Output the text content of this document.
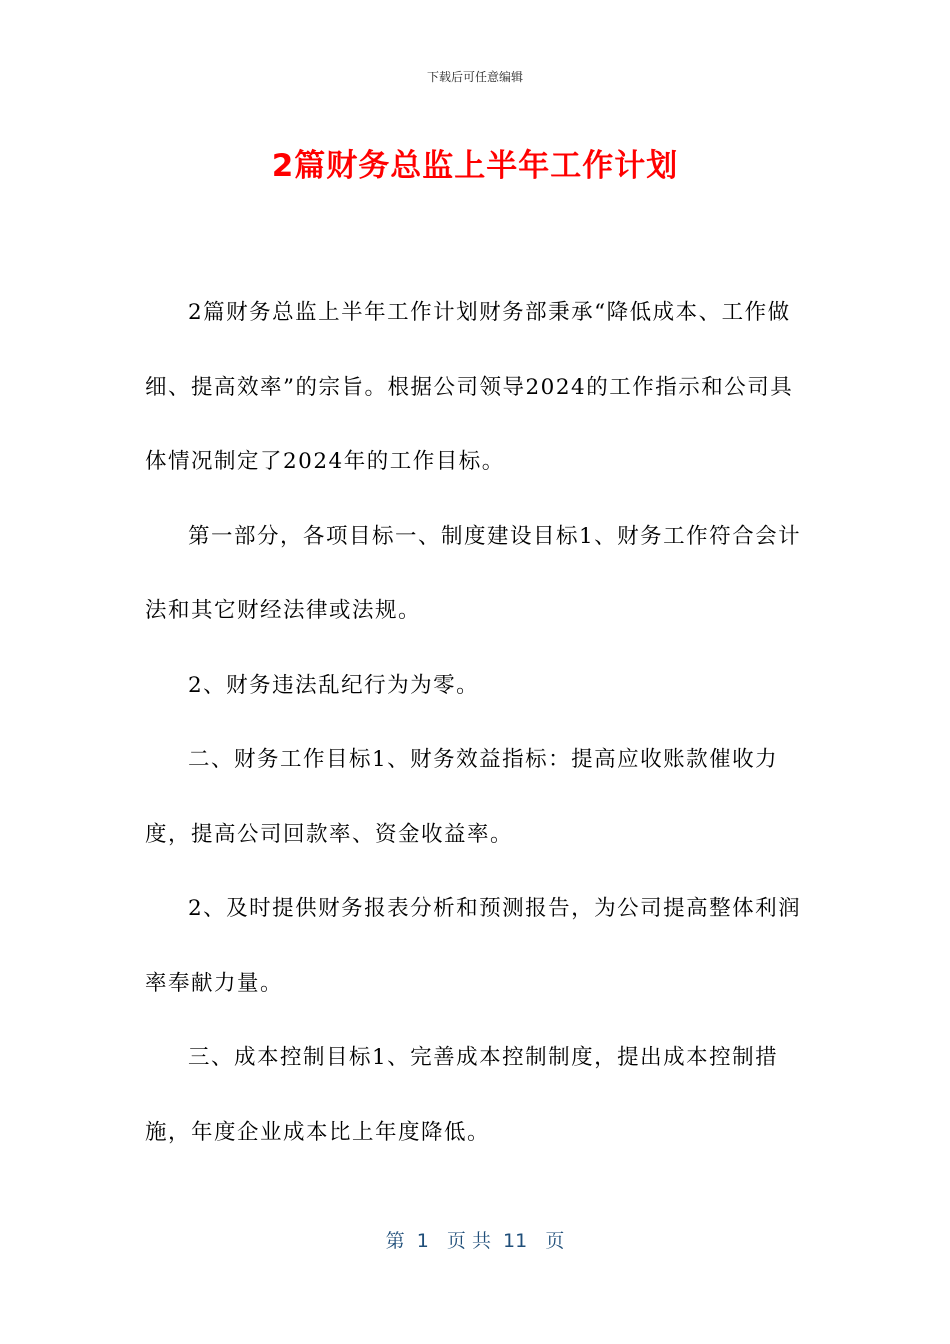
下载后可任意编辑
2篇财务总监上半年工作计划

2篇财务总监上半年工作计划财务部秉承“降低成本、工作做细、提高效率”的宗旨。根据公司领导2024的工作指示和公司具体情况制定了2024年的工作目标。

第一部分，各项目标一、制度建设目标1、财务工作符合会计法和其它财经法律或法规。

2、财务违法乱纪行为为零。

二、财务工作目标1、财务效益指标：提高应收账款催收力度，提高公司回款率、资金收益率。

2、及时提供财务报表分析和预测报告，为公司提高整体利润率奉献力量。

三、成本控制目标1、完善成本控制制度，提出成本控制措施，年度企业成本比上年度降低。

第  1   页 共  11   页
